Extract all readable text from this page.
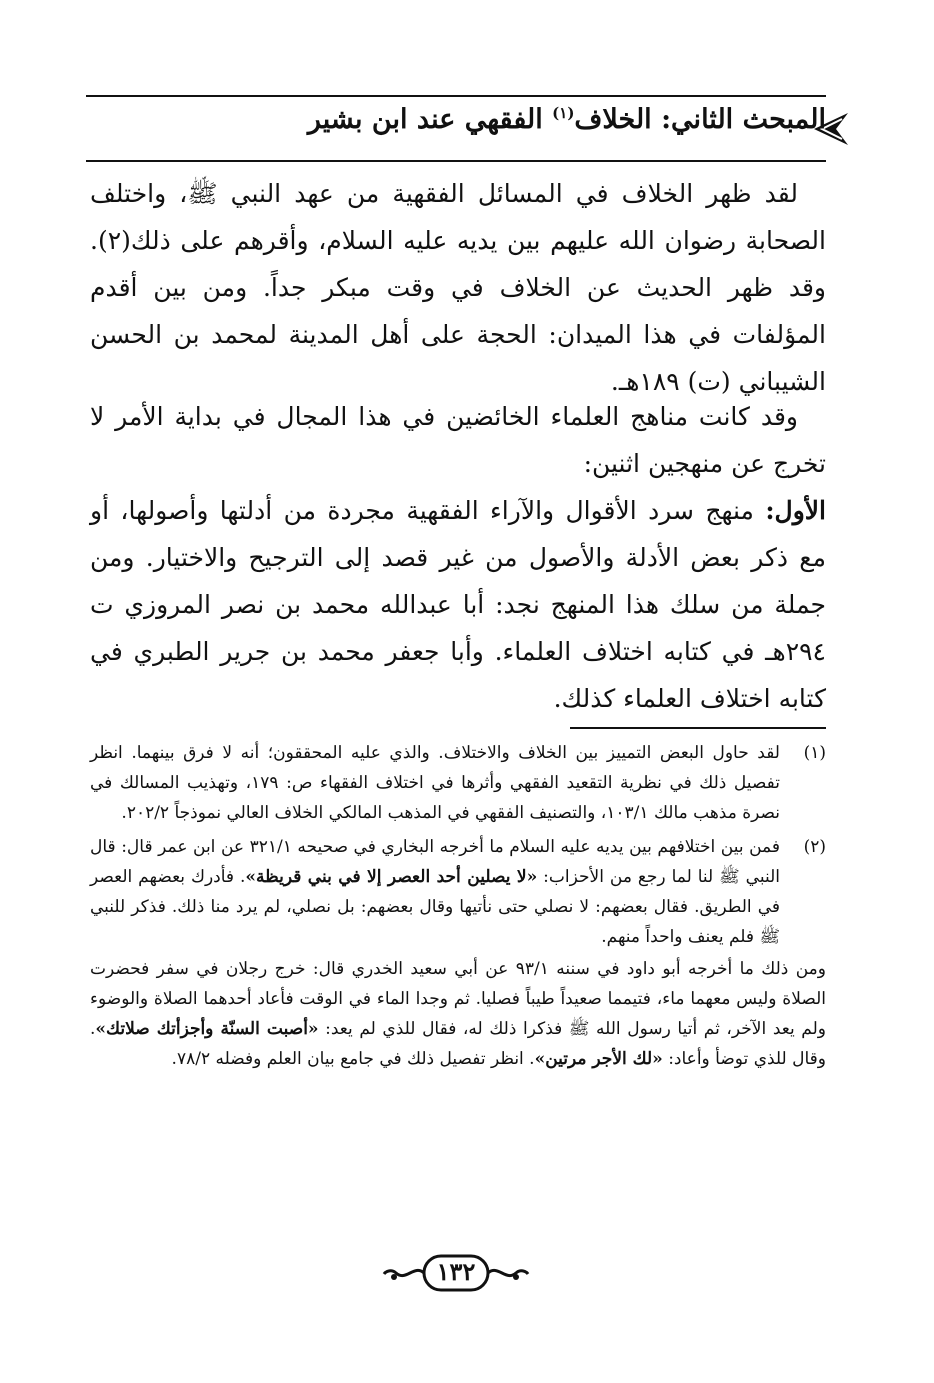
المبحث الثاني: الخلاف$^{(١)}$ الفقهي عند ابن بشير
لقد ظهر الخلاف في المسائل الفقهية من عهد النبي ﷺ، واختلف الصحابة رضوان الله عليهم بين يديه عليه السلام، وأقرهم على ذلك(٢). وقد ظهر الحديث عن الخلاف في وقت مبكر جداً. ومن بين أقدم المؤلفات في هذا الميدان: الحجة على أهل المدينة لمحمد بن الحسن الشيباني (ت) ١٨٩هـ.
وقد كانت مناهج العلماء الخائضين في هذا المجال في بداية الأمر لا تخرج عن منهجين اثنين:
الأول: منهج سرد الأقوال والآراء الفقهية مجردة من أدلتها وأصولها، أو مع ذكر بعض الأدلة والأصول من غير قصد إلى الترجيح والاختيار. ومن جملة من سلك هذا المنهج نجد: أبا عبدالله محمد بن نصر المروزي ت ٢٩٤هـ في كتابه اختلاف العلماء. وأبا جعفر محمد بن جرير الطبري في كتابه اختلاف العلماء كذلك.
(١)
لقد حاول البعض التمييز بين الخلاف والاختلاف. والذي عليه المحققون؛ أنه لا فرق بينهما. انظر تفصيل ذلك في نظرية التقعيد الفقهي وأثرها في اختلاف الفقهاء ص: ١٧٩، وتهذيب المسالك في نصرة مذهب مالك ١٠٣/١، والتصنيف الفقهي في المذهب المالكي الخلاف العالي نموذجاً ٢٠٢/٢.
(٢)
فمن بين اختلافهم بين يديه عليه السلام ما أخرجه البخاري في صحيحه ٣٢١/١ عن ابن عمر قال: قال النبي ﷺ لنا لما رجع من الأحزاب: «لا يصلين أحد العصر إلا في بني قريظة». فأدرك بعضهم العصر في الطريق. فقال بعضهم: لا نصلي حتى نأتيها وقال بعضهم: بل نصلي، لم يرد منا ذلك. فذكر للنبي ﷺ فلم يعنف واحداً منهم.
ومن ذلك ما أخرجه أبو داود في سننه ٩٣/١ عن أبي سعيد الخدري قال: خرج رجلان في سفر فحضرت الصلاة وليس معهما ماء، فتيمما صعيداً طيباً فصليا. ثم وجدا الماء في الوقت فأعاد أحدهما الصلاة والوضوء ولم يعد الآخر، ثم أتيا رسول الله ﷺ فذكرا ذلك له، فقال للذي لم يعد: «أصبت السنّة وأجزأتك صلاتك». وقال للذي توضأ وأعاد: «لك الأجر مرتين». انظر تفصيل ذلك في جامع بيان العلم وفضله ٧٨/٢.
١٣٢
